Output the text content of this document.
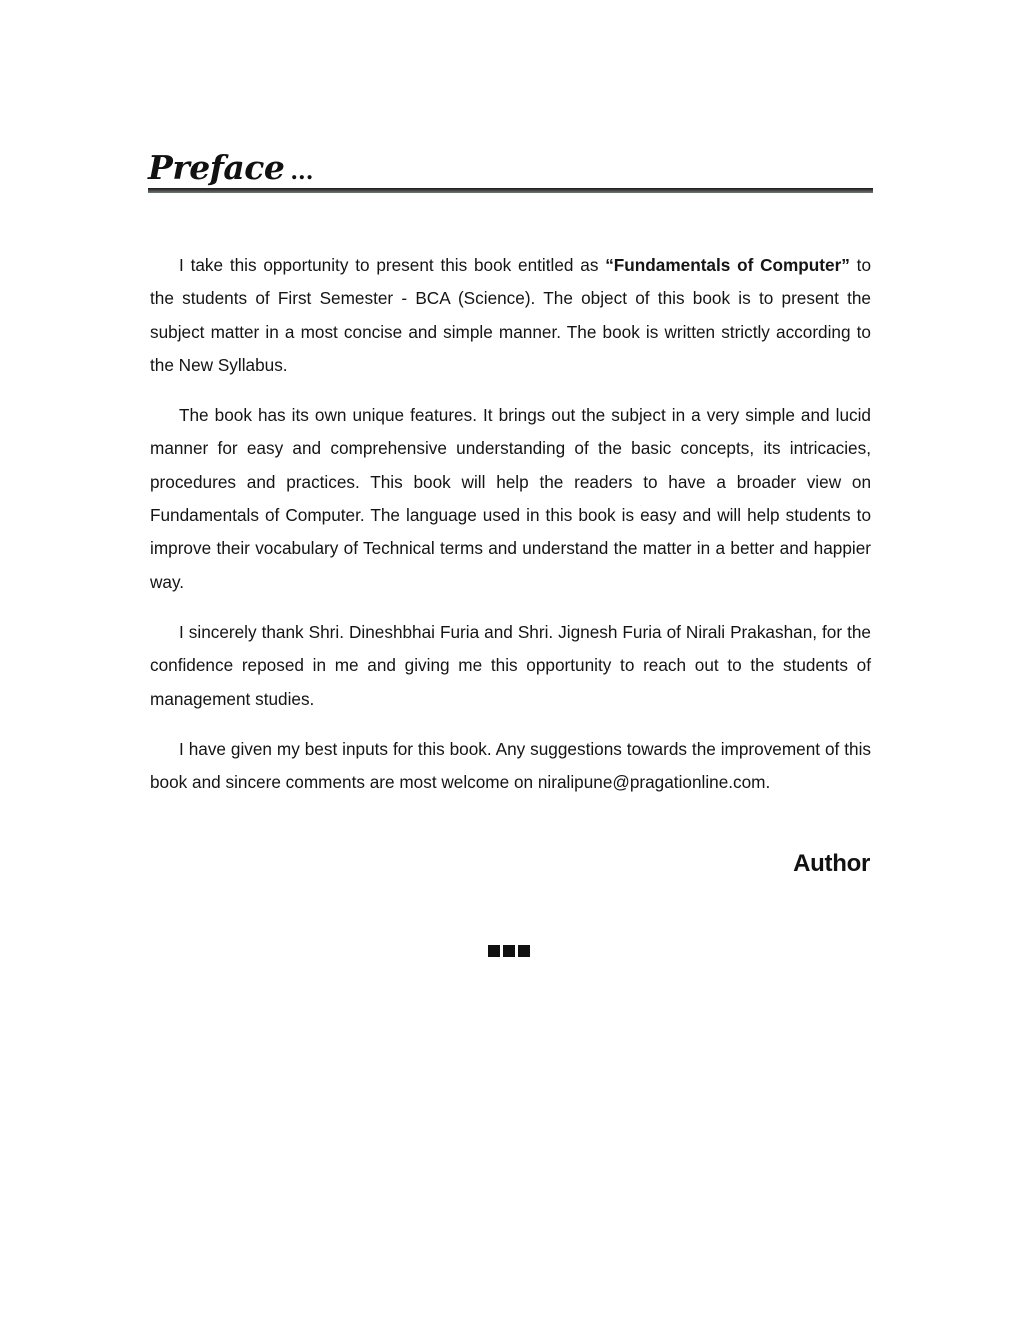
Preface ...

I take this opportunity to present this book entitled as “Fundamentals of Computer” to the students of First Semester - BCA (Science). The object of this book is to present the subject matter in a most concise and simple manner. The book is written strictly according to the New Syllabus.

The book has its own unique features. It brings out the subject in a very simple and lucid manner for easy and comprehensive understanding of the basic concepts, its intricacies, procedures and practices. This book will help the readers to have a broader view on Fundamentals of Computer. The language used in this book is easy and will help students to improve their vocabulary of Technical terms and understand the matter in a better and happier way.

I sincerely thank Shri. Dineshbhai Furia and Shri. Jignesh Furia of Nirali Prakashan, for the confidence reposed in me and giving me this opportunity to reach out to the students of management studies.

I have given my best inputs for this book. Any suggestions towards the improvement of this book and sincere comments are most welcome on niralipune@pragationline.com.

Author
